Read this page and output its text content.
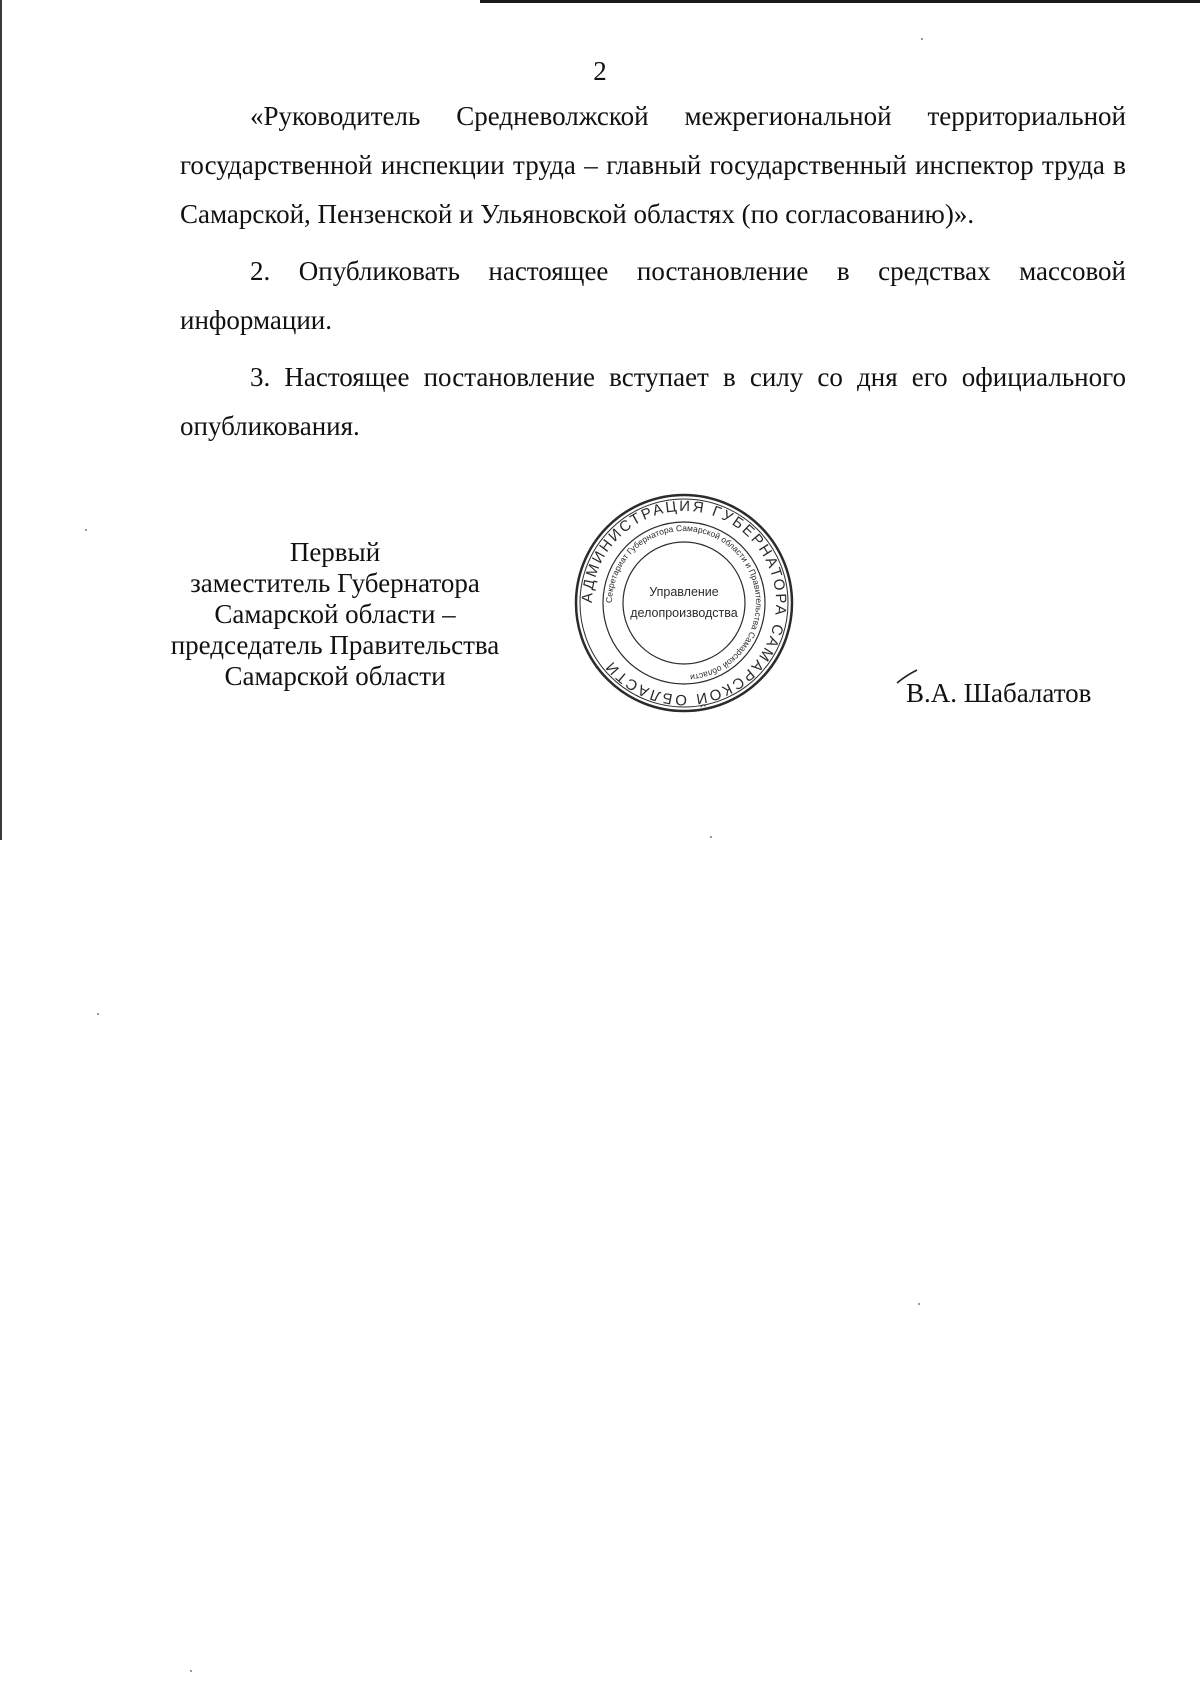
2

«Руководитель Средневолжской межрегиональной территориальной государственной инспекции труда – главный государственный инспектор труда в Самарской, Пензенской и Ульяновской областях (по согласованию)».

2. Опубликовать настоящее постановление в средствах массовой информации.

3. Настоящее постановление вступает в силу со дня его официального опубликования.

Первый
заместитель Губернатора
Самарской области –
председатель Правительства
Самарской области
АДМИНИСТРАЦИЯ ГУБЕРНАТОРА САМАРСКОЙ ОБЛАСТИ
Секретариат Губернатора Самарской области и Правительства Самарской области
Управление
делопроизводства
В.А. Шабалатов
